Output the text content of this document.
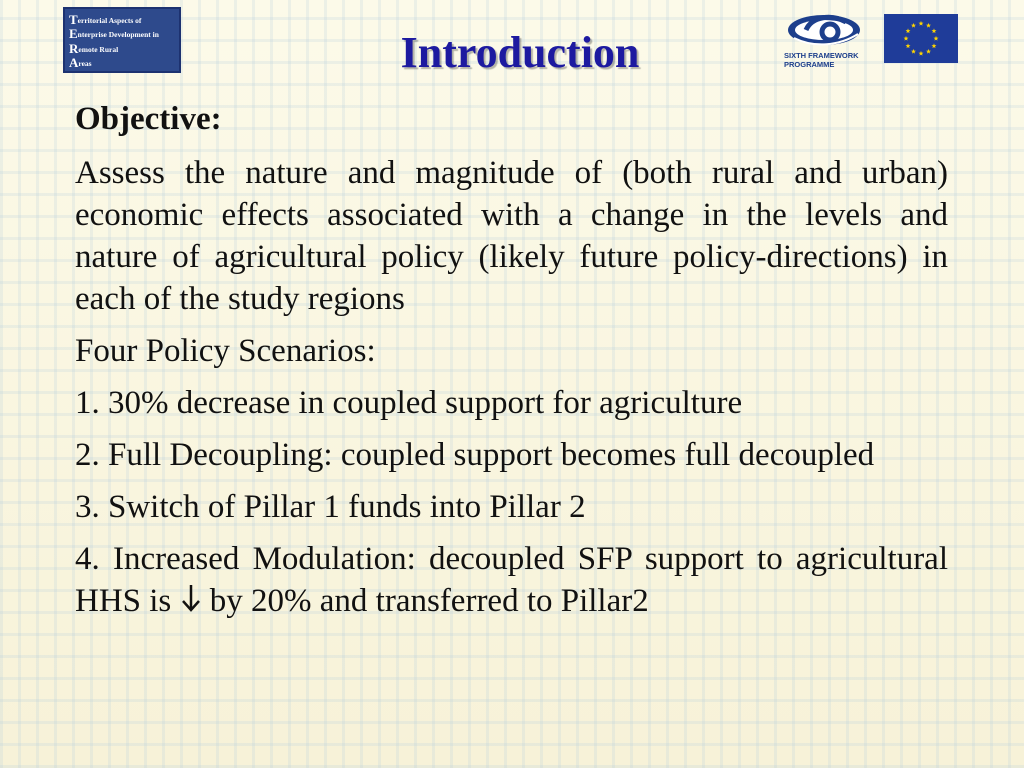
Territorial Aspects of
Enterprise Development in
Remote Rural
Areas	Introduction	SIXTH FRAMEWORK
PROGRAMME

Objective:

Assess the nature and magnitude of (both rural and urban) economic effects associated with a change in the levels and nature of agricultural policy (likely future policy-directions) in each of the study regions

Four Policy Scenarios:

1. 30% decrease in coupled support for agriculture

2. Full Decoupling: coupled support becomes full decoupled

3. Switch of Pillar 1 funds into Pillar 2

4. Increased Modulation: decoupled SFP support to agricultural HHS is by 20% and transferred to Pillar2
